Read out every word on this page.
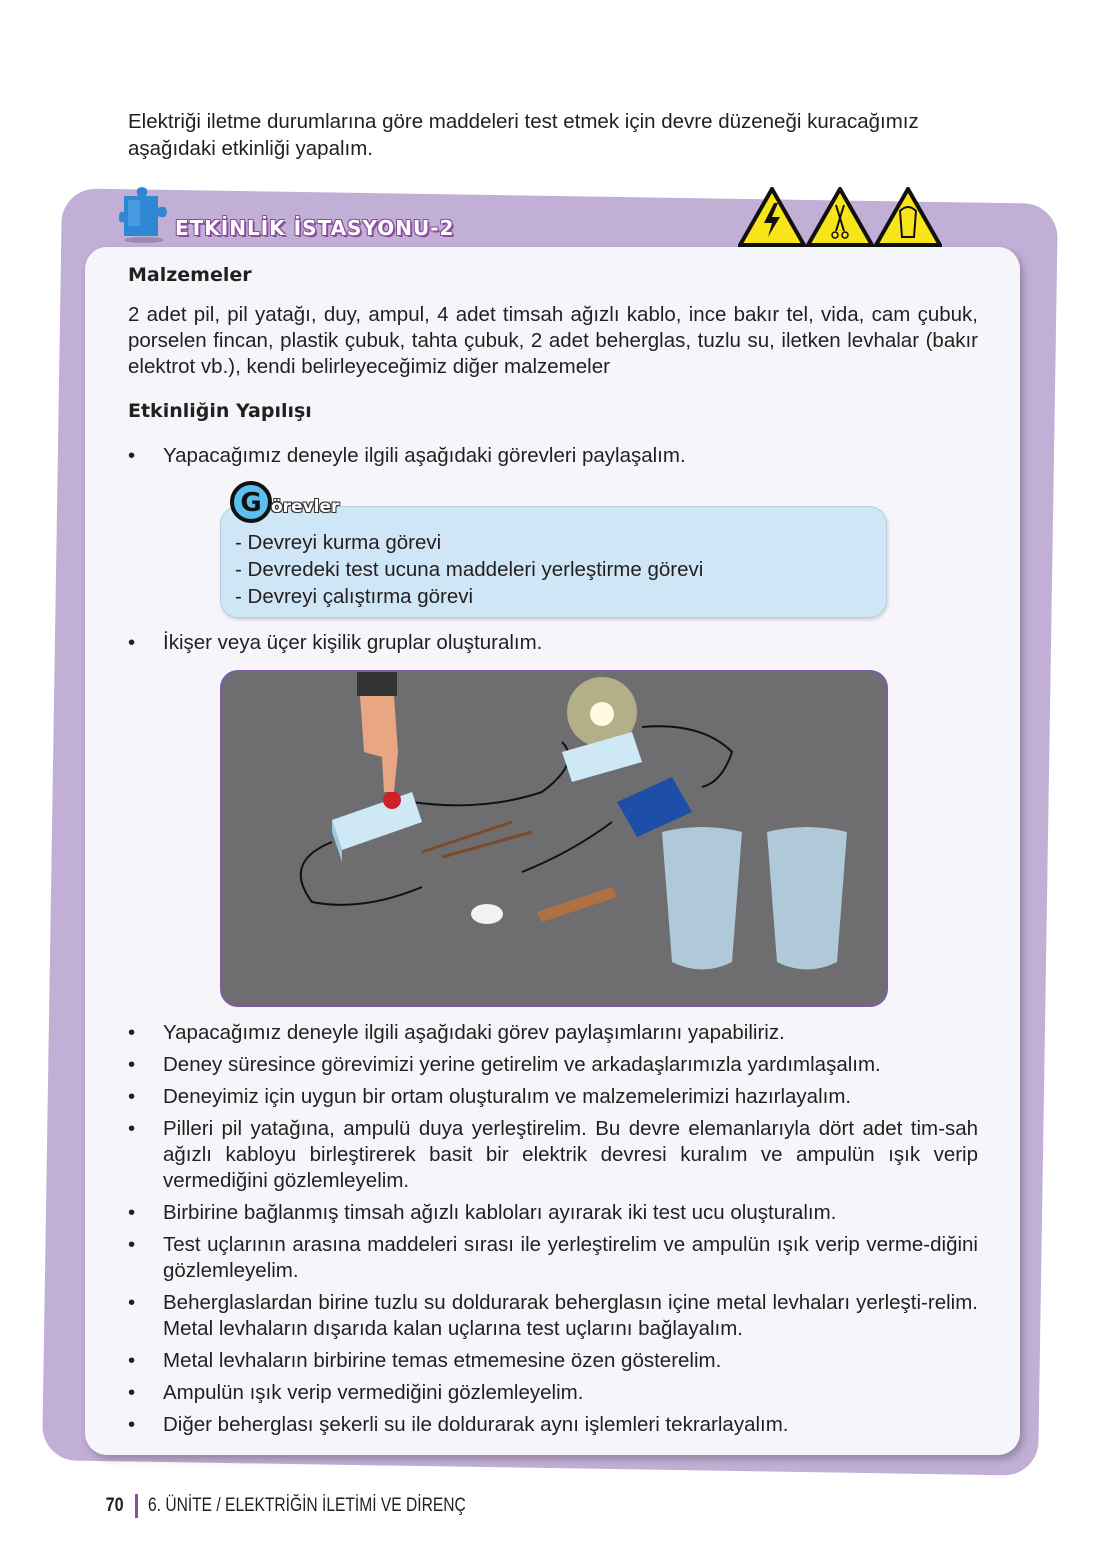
Elektriği iletme durumlarına göre maddeleri test etmek için devre düzeneği kuracağımız aşağıdaki etkinliği yapalım.
ETKİNLİK İSTASYONU-2
Malzemeler
2 adet pil, pil yatağı, duy, ampul, 4 adet timsah ağızlı kablo, ince bakır tel, vida, cam çubuk, porselen fincan, plastik çubuk, tahta çubuk, 2 adet beherglas, tuzlu su, iletken levhalar (bakır elektrot vb.), kendi belirleyeceğimiz diğer malzemeler
Etkinliğin Yapılışı
• Yapacağımız deneyle ilgili aşağıdaki görevleri paylaşalım.
- Devreyi kurma görevi
- Devredeki test ucuna maddeleri yerleştirme görevi
- Devreyi çalıştırma görevi
G örevler
• İkişer veya üçer kişilik gruplar oluşturalım.
• Yapacağımız deneyle ilgili aşağıdaki görev paylaşımlarını yapabiliriz.
• Deney süresince görevimizi yerine getirelim ve arkadaşlarımızla yardımlaşalım.
• Deneyimiz için uygun bir ortam oluşturalım ve malzemelerimizi hazırlayalım.
• Pilleri pil yatağına, ampulü duya yerleştirelim. Bu devre elemanlarıyla dört adet tim-sah ağızlı kabloyu birleştirerek basit bir elektrik devresi kuralım ve ampulün ışık verip vermediğini gözlemleyelim.
• Birbirine bağlanmış timsah ağızlı kabloları ayırarak iki test ucu oluşturalım.
• Test uçlarının arasına maddeleri sırası ile yerleştirelim ve ampulün ışık verip verme-diğini gözlemleyelim.
• Beherglaslardan birine tuzlu su doldurarak beherglasın içine metal levhaları yerleşti-relim. Metal levhaların dışarıda kalan uçlarına test uçlarını bağlayalım.
• Metal levhaların birbirine temas etmemesine özen gösterelim.
• Ampulün ışık verip vermediğini gözlemleyelim.
• Diğer beherglası şekerli su ile doldurarak aynı işlemleri tekrarlayalım.
70 6. ÜNİTE / ELEKTRİĞİN İLETİMİ VE DİRENÇ
